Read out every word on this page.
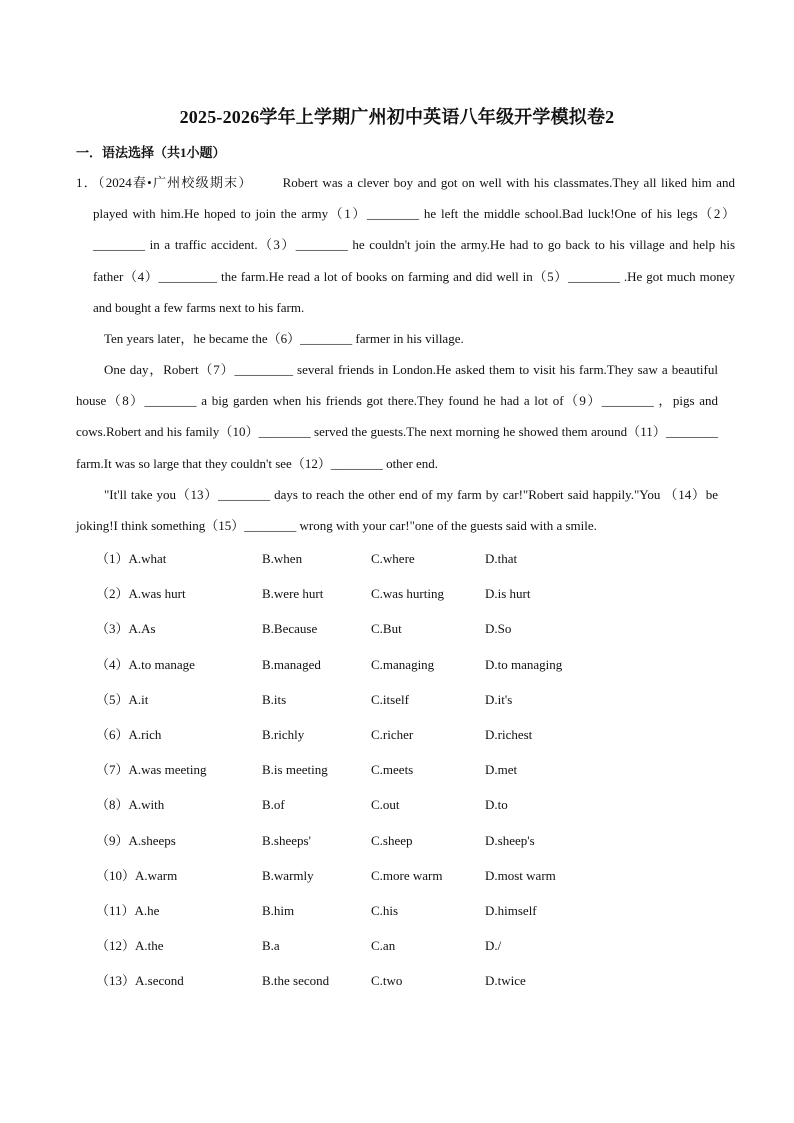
2025-2026学年上学期广州初中英语八年级开学模拟卷2
一．语法选择（共1小题）
1．（2024春•广州校级期末） Robert was a clever boy and got on well with his classmates.They all liked him and played with him.He hoped to join the army（1）________ he left the middle school.Bad luck!One of his legs（2）________ in a traffic accident.（3）________ he couldn't join the army.He had to go back to his village and help his father（4）_________ the farm.He read a lot of books on farming and did well in（5）________ .He got much money and bought a few farms next to his farm.
Ten years later，he became the（6）________ farmer in his village.
One day，Robert（7）_________ several friends in London.He asked them to visit his farm.They saw a beautiful house（8）________ a big garden when his friends got there.They found he had a lot of（9）________ ，pigs and cows.Robert and his family（10）________ served the guests.The next morning he showed them around（11）________ farm.It was so large that they couldn't see（12）________ other end.
"It'll take you（13）________ days to reach the other end of my farm by car!"Robert said happily."You （14）be joking!I think something（15）________ wrong with your car!"one of the guests said with a smile.
（1）A.what	B.when	C.where	D.that
（2）A.was hurt	B.were hurt	C.was hurting	D.is hurt
（3）A.As	B.Because	C.But	D.So
（4）A.to manage	B.managed	C.managing	D.to managing
（5）A.it	B.its	C.itself	D.it's
（6）A.rich	B.richly	C.richer	D.richest
（7）A.was meeting	B.is meeting	C.meets	D.met
（8）A.with	B.of	C.out	D.to
（9）A.sheeps	B.sheeps'	C.sheep	D.sheep's
（10）A.warm	B.warmly	C.more warm	D.most warm
（11）A.he	B.him	C.his	D.himself
（12）A.the	B.a	C.an	D./
（13）A.second	B.the second	C.two	D.twice
